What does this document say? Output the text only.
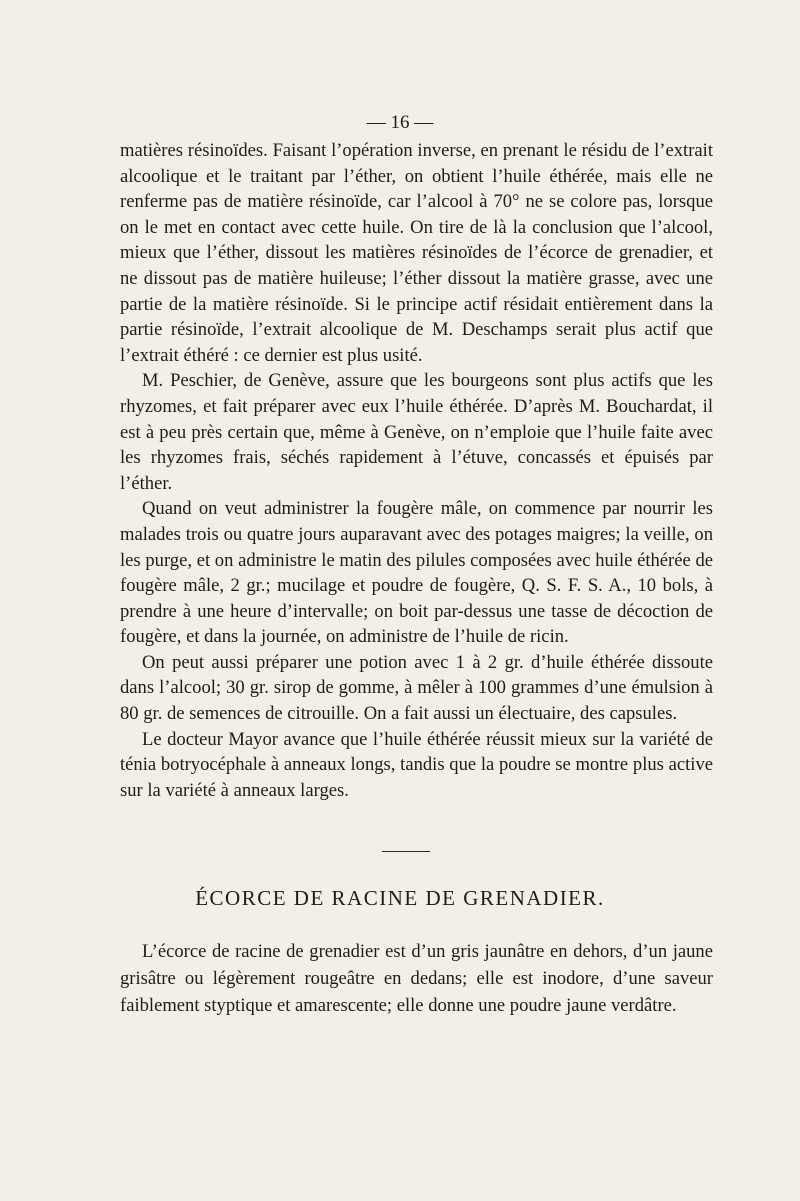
— 16 —

matières résinoïdes. Faisant l’opération inverse, en prenant le résidu de l’extrait alcoolique et le traitant par l’éther, on obtient l’huile éthérée, mais elle ne renferme pas de matière résinoïde, car l’alcool à 70° ne se colore pas, lorsque on le met en contact avec cette huile. On tire de là la conclusion que l’alcool, mieux que l’éther, dissout les matières résinoïdes de l’écorce de grenadier, et ne dissout pas de matière huileuse; l’éther dissout la matière grasse, avec une partie de la matière résinoïde. Si le principe actif résidait entièrement dans la partie résinoïde, l’extrait alcoolique de M. Deschamps serait plus actif que l’extrait éthéré : ce dernier est plus usité.

M. Peschier, de Genève, assure que les bourgeons sont plus actifs que les rhyzomes, et fait préparer avec eux l’huile éthérée. D’après M. Bouchardat, il est à peu près certain que, même à Genève, on n’emploie que l’huile faite avec les rhyzomes frais, séchés rapidement à l’étuve, concassés et épuisés par l’éther.

Quand on veut administrer la fougère mâle, on commence par nourrir les malades trois ou quatre jours auparavant avec des potages maigres; la veille, on les purge, et on administre le matin des pilules composées avec huile éthérée de fougère mâle, 2 gr.; mucilage et poudre de fougère, Q. S. F. S. A., 10 bols, à prendre à une heure d’intervalle; on boit par-dessus une tasse de décoction de fougère, et dans la journée, on administre de l’huile de ricin.

On peut aussi préparer une potion avec 1 à 2 gr. d’huile éthérée dissoute dans l’alcool; 30 gr. sirop de gomme, à mêler à 100 grammes d’une émulsion à 80 gr. de semences de citrouille. On a fait aussi un électuaire, des capsules.

Le docteur Mayor avance que l’huile éthérée réussit mieux sur la variété de ténia botryocéphale à anneaux longs, tandis que la poudre se montre plus active sur la variété à anneaux larges.

ÉCORCE DE RACINE DE GRENADIER.

L’écorce de racine de grenadier est d’un gris jaunâtre en dehors, d’un jaune grisâtre ou légèrement rougeâtre en dedans; elle est inodore, d’une saveur faiblement styptique et amarescente; elle donne une poudre jaune verdâtre.
